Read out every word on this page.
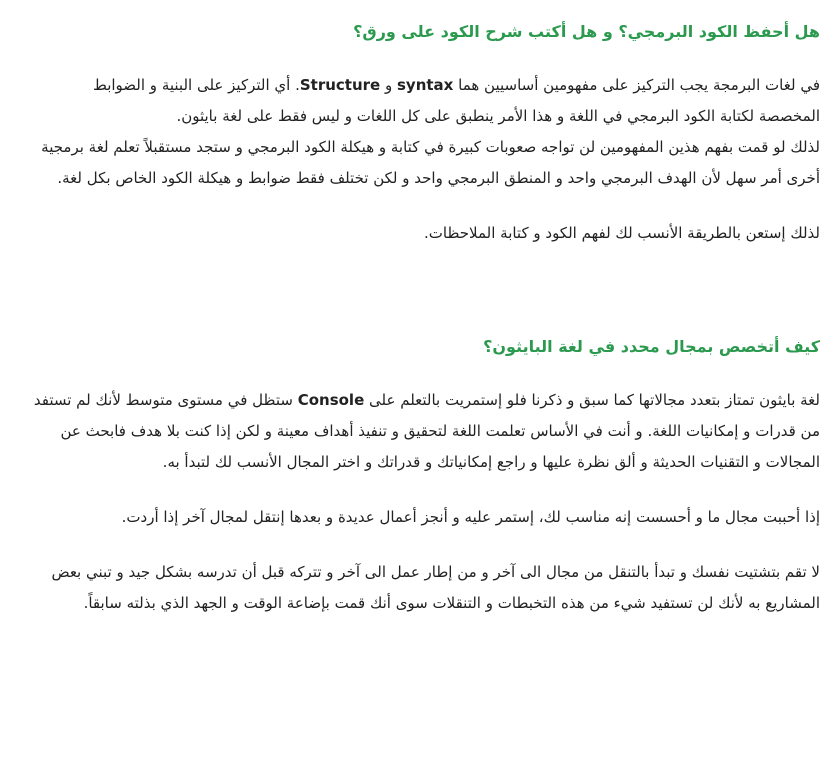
هل أحفظ الكود البرمجي؟ و هل أكتب شرح الكود على ورق؟

في لغات البرمجة يجب التركيز على مفهومين أساسيين هما syntax و Structure. أي التركيز على البنية و الضوابط المخصصة لكتابة الكود البرمجي في اللغة و هذا الأمر ينطبق على كل اللغات و ليس فقط على لغة بايثون.

لذلك لو قمت بفهم هذين المفهومين لن تواجه صعوبات كبيرة في كتابة و هيكلة الكود البرمجي و ستجد مستقبلاً تعلم لغة برمجية أخرى أمر سهل لأن الهدف البرمجي واحد و المنطق البرمجي واحد و لكن تختلف فقط ضوابط و هيكلة الكود الخاص بكل لغة.

لذلك إستعن بالطريقة الأنسب لك لفهم الكود و كتابة الملاحظات.

كيف أتخصص بمجال محدد في لغة البايثون؟

لغة بايثون تمتاز بتعدد مجالاتها كما سبق و ذكرنا فلو إستمريت بالتعلم على Console ستظل في مستوى متوسط لأنك لم تستفد من قدرات و إمكانيات اللغة. و أنت في الأساس تعلمت اللغة لتحقيق و تنفيذ أهداف معينة و لكن إذا كنت بلا هدف فابحث عن المجالات و التقنيات الحديثة و ألق نظرة عليها و راجع إمكانياتك و قدراتك و اختر المجال الأنسب لك لتبدأ به.

إذا أحببت مجال ما و أحسست إنه مناسب لك، إستمر عليه و أنجز أعمال عديدة و بعدها إنتقل لمجال آخر إذا أردت.

لا تقم بتشتيت نفسك و تبدأ بالتنقل من مجال الى آخر و من إطار عمل الى آخر و تتركه قبل أن تدرسه بشكل جيد و تبني بعض المشاريع به لأنك لن تستفيد شيء من هذه التخبطات و التنقلات سوى أنك قمت بإضاعة الوقت و الجهد الذي بذلته سابقاً.
